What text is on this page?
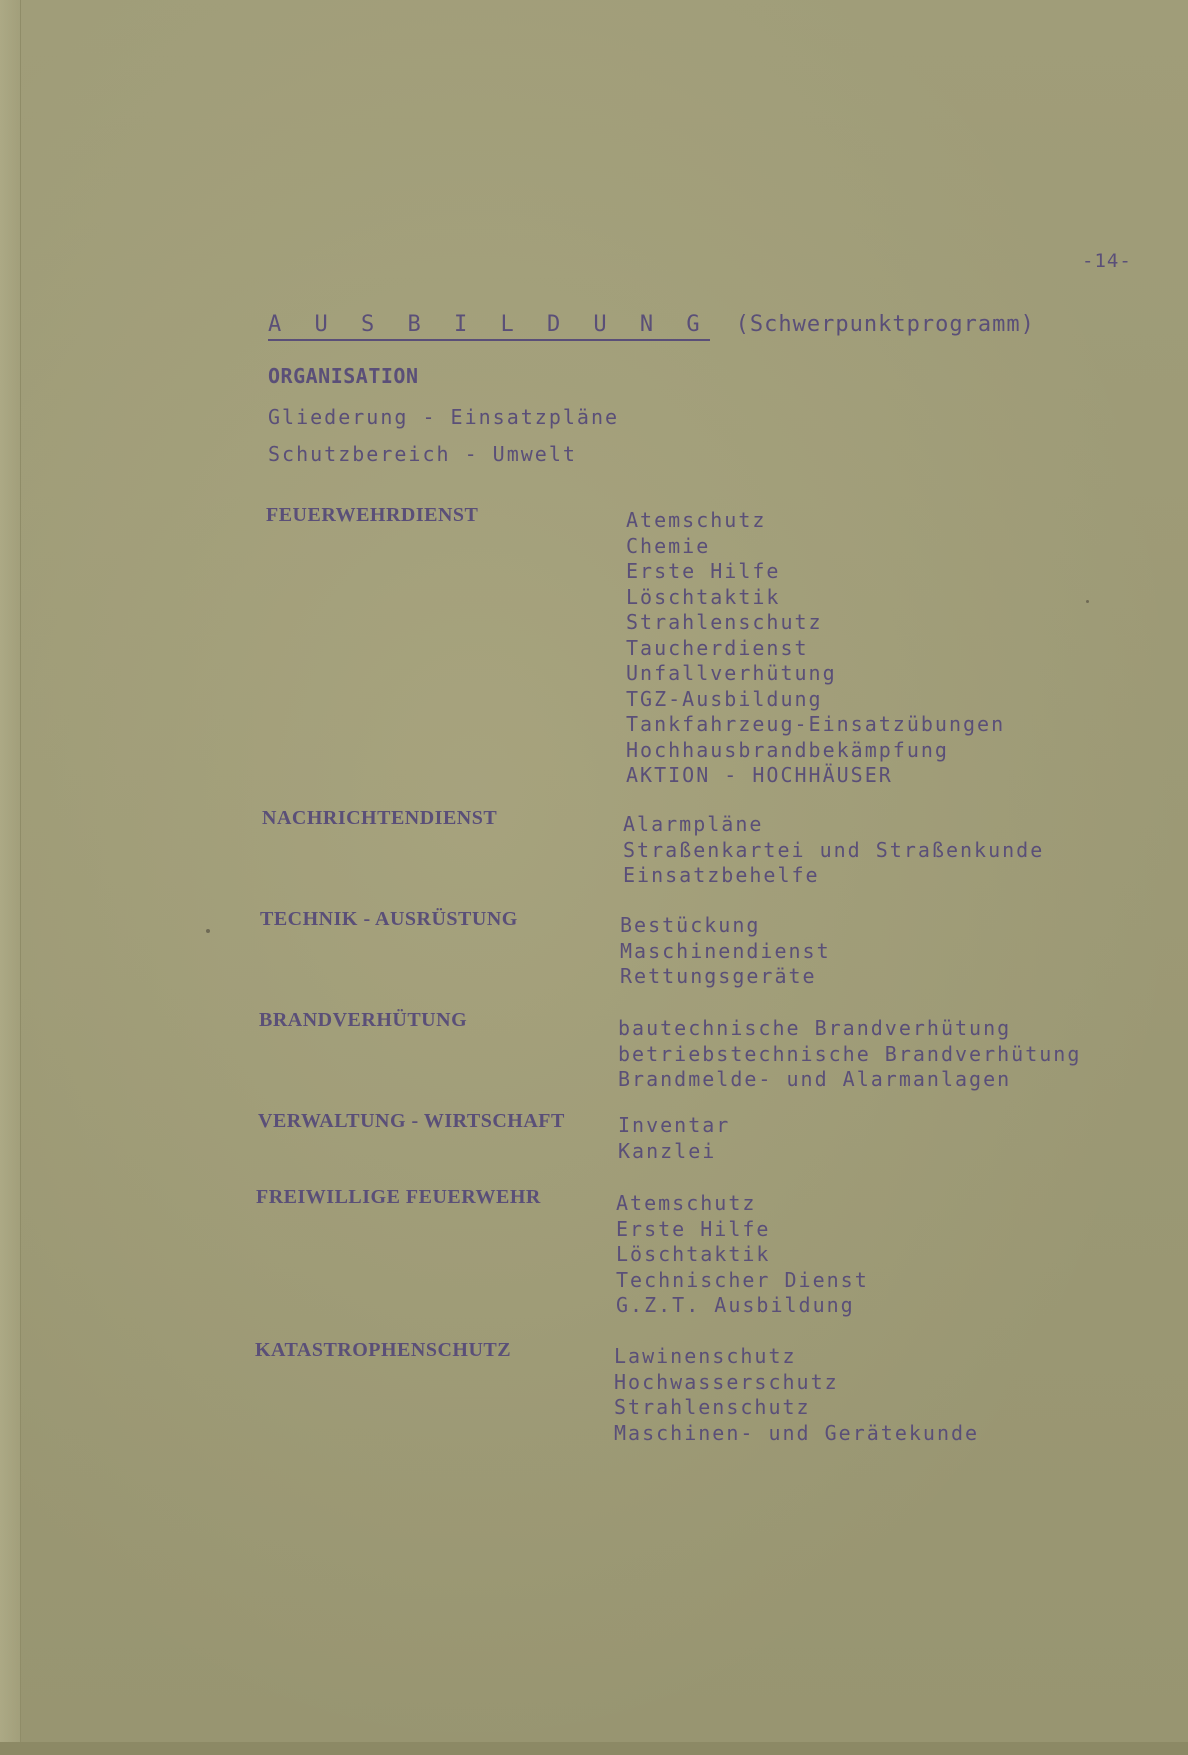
-14-
A U S B I L D U N G (Schwerpunktprogramm)
ORGANISATION
Gliederung - Einsatzpläne
Schutzbereich - Umwelt
FEUERWEHRDIENST	Atemschutz
Chemie
Erste Hilfe
Löschtaktik
Strahlenschutz
Taucherdienst
Unfallverhütung
TGZ-Ausbildung
Tankfahrzeug-Einsatzübungen
Hochhausbrandbekämpfung
AKTION - HOCHHÄUSER
NACHRICHTENDIENST	Alarmpläne
Straßenkartei und Straßenkunde
Einsatzbehelfe
TECHNIK - AUSRÜSTUNG	Bestückung
Maschinendienst
Rettungsgeräte
BRANDVERHÜTUNG	bautechnische Brandverhütung
betriebstechnische Brandverhütung
Brandmelde- und Alarmanlagen
VERWALTUNG - WIRTSCHAFT	Inventar
Kanzlei
FREIWILLIGE FEUERWEHR	Atemschutz
Erste Hilfe
Löschtaktik
Technischer Dienst
G.Z.T. Ausbildung
KATASTROPHENSCHUTZ	Lawinenschutz
Hochwasserschutz
Strahlenschutz
Maschinen- und Gerätekunde
